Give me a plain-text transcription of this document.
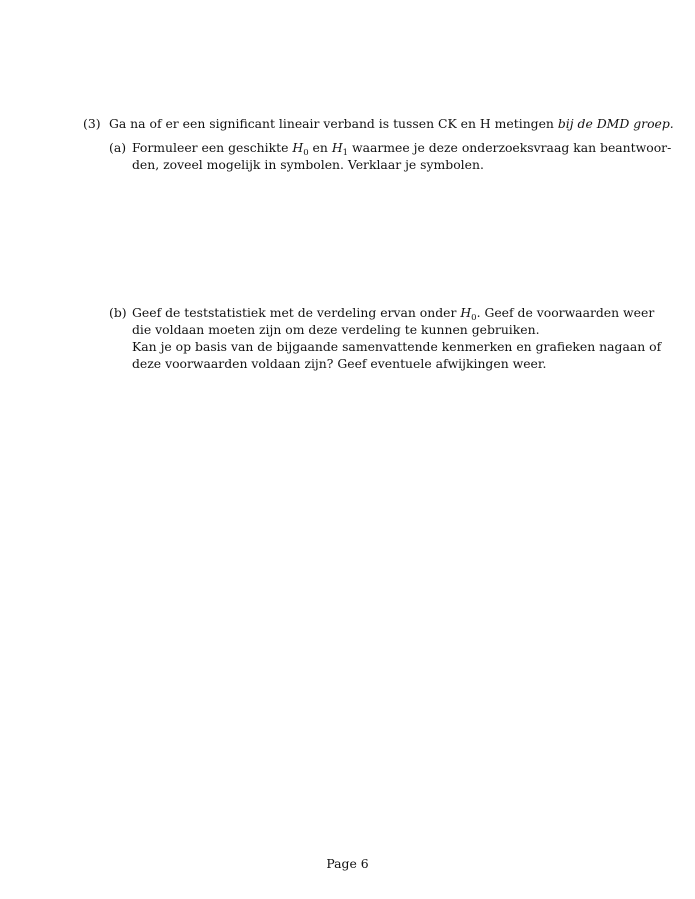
(3) Ga na of er een significant lineair verband is tussen CK en H metingen bij de DMD groep.
(a) Formuleer een geschikte $H_0$ en $H_1$ waarmee je deze onderzoeksvraag kan beantwoor-
den, zoveel mogelijk in symbolen. Verklaar je symbolen.
(b) Geef de teststatistiek met de verdeling ervan onder $H_0$. Geef de voorwaarden weer
die voldaan moeten zijn om deze verdeling te kunnen gebruiken.
Kan je op basis van de bijgaande samenvattende kenmerken en grafieken nagaan of
deze voorwaarden voldaan zijn? Geef eventuele afwijkingen weer.
Page 6
